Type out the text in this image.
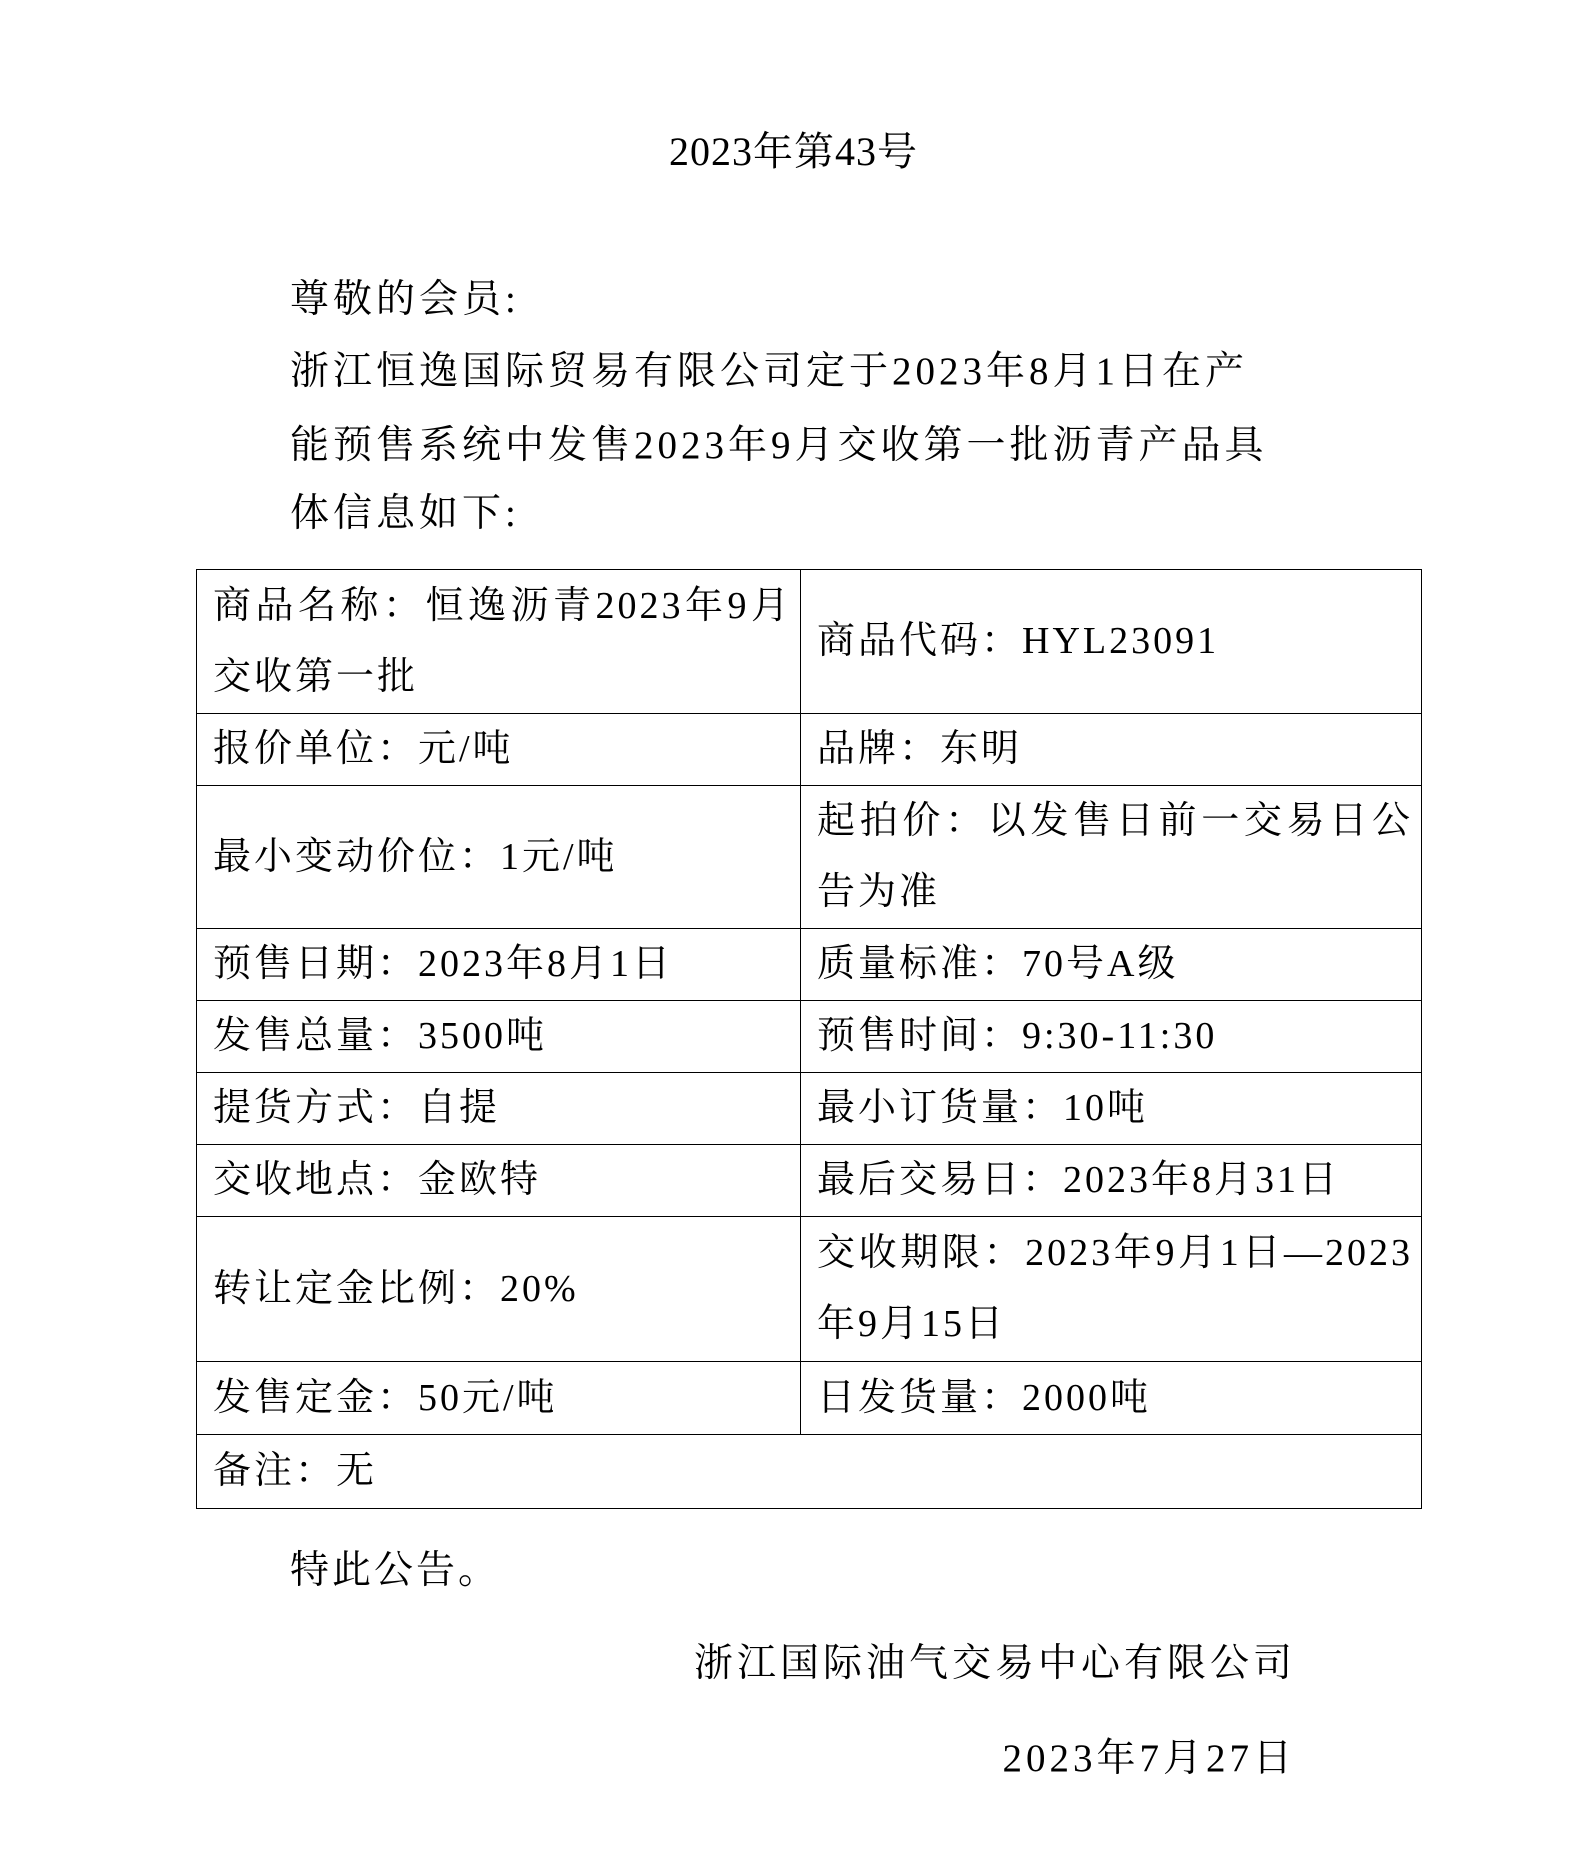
2023年第43号
尊敬的会员:
浙江恒逸国际贸易有限公司定于2023年8月1日在产
能预售系统中发售2023年9月交收第一批沥青产品具
体信息如下:
商品名称：恒逸沥青2023年9月交收第一批	商品代码：HYL23091
报价单位：元/吨	品牌：东明
最小变动价位：1元/吨	起拍价：以发售日前一交易日公告为准
预售日期：2023年8月1日	质量标准：70号A级
发售总量：3500吨	预售时间：9:30-11:30
提货方式：自提	最小订货量：10吨
交收地点：金欧特	最后交易日：2023年8月31日
转让定金比例：20%	交收期限：2023年9月1日—2023年9月15日
发售定金：50元/吨	日发货量：2000吨
备注：无	
特此公告。
浙江国际油气交易中心有限公司
2023年7月27日
